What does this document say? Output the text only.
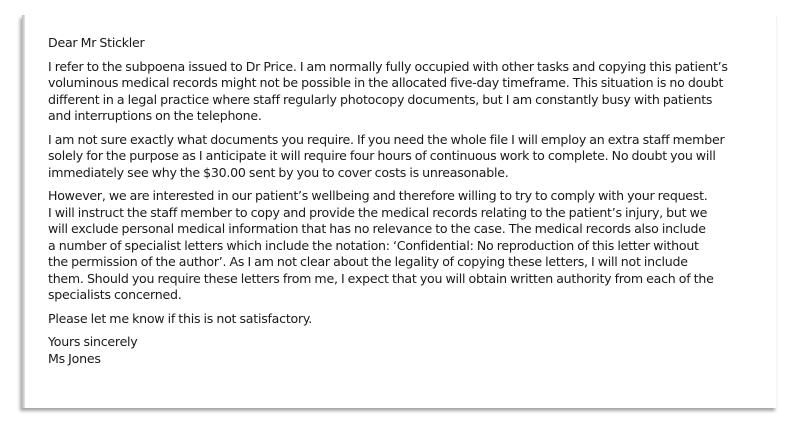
Dear Mr Stickler

I refer to the subpoena issued to Dr Price. I am normally fully occupied with other tasks and copying this patient’s
voluminous medical records might not be possible in the allocated five-day timeframe. This situation is no doubt
different in a legal practice where staff regularly photocopy documents, but I am constantly busy with patients
and interruptions on the telephone.

I am not sure exactly what documents you require. If you need the whole file I will employ an extra staff member
solely for the purpose as I anticipate it will require four hours of continuous work to complete. No doubt you will
immediately see why the $30.00 sent by you to cover costs is unreasonable.

However, we are interested in our patient’s wellbeing and therefore willing to try to comply with your request.
I will instruct the staff member to copy and provide the medical records relating to the patient’s injury, but we
will exclude personal medical information that has no relevance to the case. The medical records also include
a number of specialist letters which include the notation: ‘Confidential: No reproduction of this letter without
the permission of the author’. As I am not clear about the legality of copying these letters, I will not include
them. Should you require these letters from me, I expect that you will obtain written authority from each of the
specialists concerned.

Please let me know if this is not satisfactory.

Yours sincerely
Ms Jones
